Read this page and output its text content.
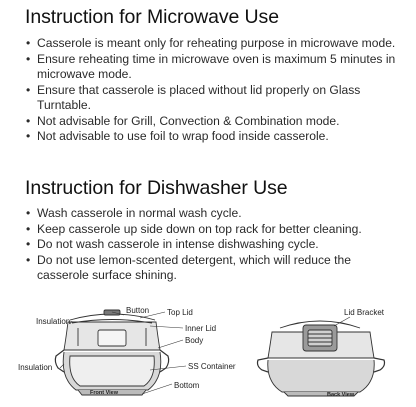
Instruction for Microwave Use
• Casserole is meant only for reheating purpose in microwave mode.
• Ensure reheating time in microwave oven is maximum 5 minutes in microwave mode.
• Ensure that casserole is placed without lid properly on Glass Turntable.
• Not advisable for Grill, Convection & Combination mode.
• Not advisable to use foil to wrap food inside casserole.
Instruction for Dishwasher Use
• Wash casserole in normal wash cycle.
• Keep casserole up side down on top rack for better cleaning.
• Do not wash casserole in intense dishwashing cycle.
• Do not use lemon-scented detergent, which will reduce the casserole surface shining.
Button Top Lid
Insulation
Inner Lid
Body
Insulation	SS Container
Bottom
Front View
Lid Bracket
Back View
